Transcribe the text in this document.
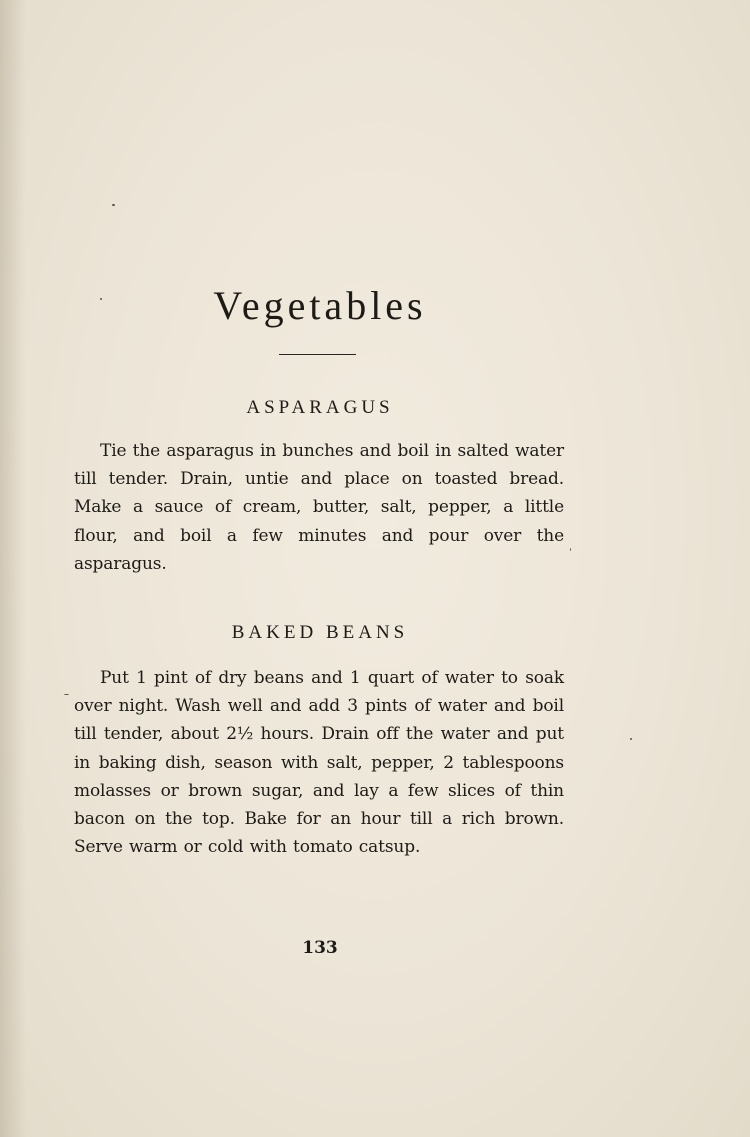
Vegetables
ASPARAGUS

Tie the asparagus in bunches and boil in salted water till tender. Drain, untie and place on toasted bread. Make a sauce of cream, butter, salt, pepper, a little flour, and boil a few minutes and pour over the asparagus.

BAKED BEANS

Put 1 pint of dry beans and 1 quart of water to soak over night. Wash well and add 3 pints of water and boil till tender, about 2½ hours. Drain off the water and put in baking dish, season with salt, pepper, 2 tablespoons molasses or brown sugar, and lay a few slices of thin bacon on the top. Bake for an hour till a rich brown. Serve warm or cold with tomato catsup.

133
